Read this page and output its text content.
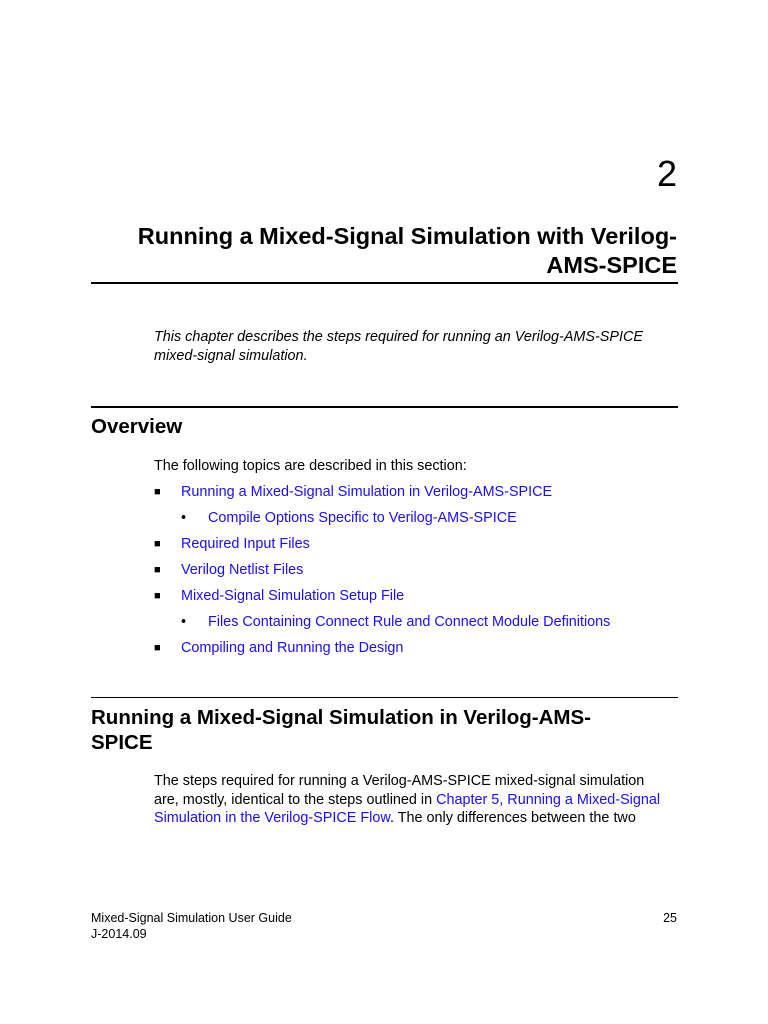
2
Running a Mixed-Signal Simulation with Verilog-
AMS-SPICE
This chapter describes the steps required for running an Verilog-AMS-SPICE
mixed-signal simulation.
Overview
The following topics are described in this section:
■ Running a Mixed-Signal Simulation in Verilog-AMS-SPICE
• Compile Options Specific to Verilog-AMS-SPICE
■ Required Input Files
■ Verilog Netlist Files
■ Mixed-Signal Simulation Setup File
• Files Containing Connect Rule and Connect Module Definitions
■ Compiling and Running the Design
Running a Mixed-Signal Simulation in Verilog-AMS-
SPICE
The steps required for running a Verilog-AMS-SPICE mixed-signal simulation
are, mostly, identical to the steps outlined in Chapter 5, Running a Mixed-Signal
Simulation in the Verilog-SPICE Flow. The only differences between the two
Mixed-Signal Simulation User Guide
J-2014.09
25
